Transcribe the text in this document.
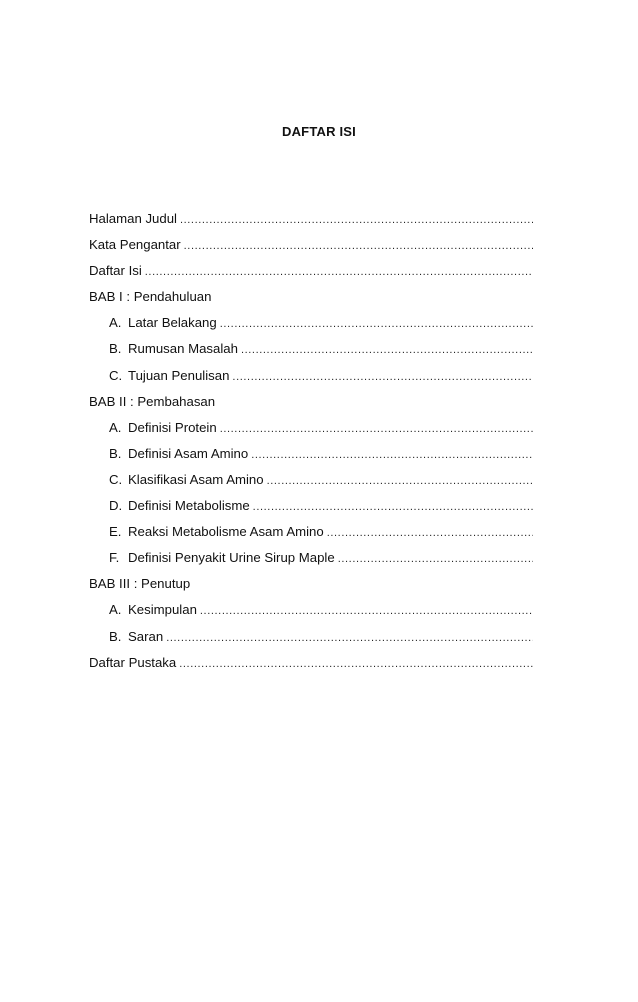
DAFTAR ISI
Halaman Judul
.....
Kata Pengantar
.....
Daftar Isi
.....
BAB I : Pendahuluan
A. Latar Belakang
.....
B. Rumusan Masalah
.....
C. Tujuan Penulisan
.....
BAB II : Pembahasan
A. Definisi Protein
.....
B. Definisi Asam Amino
.....
C. Klasifikasi Asam Amino
.....
D. Definisi Metabolisme
.....
E. Reaksi Metabolisme Asam Amino
.....
F. Definisi Penyakit Urine Sirup Maple
.....
BAB III : Penutup
A. Kesimpulan
.....
B. Saran
.....
Daftar Pustaka
.....
